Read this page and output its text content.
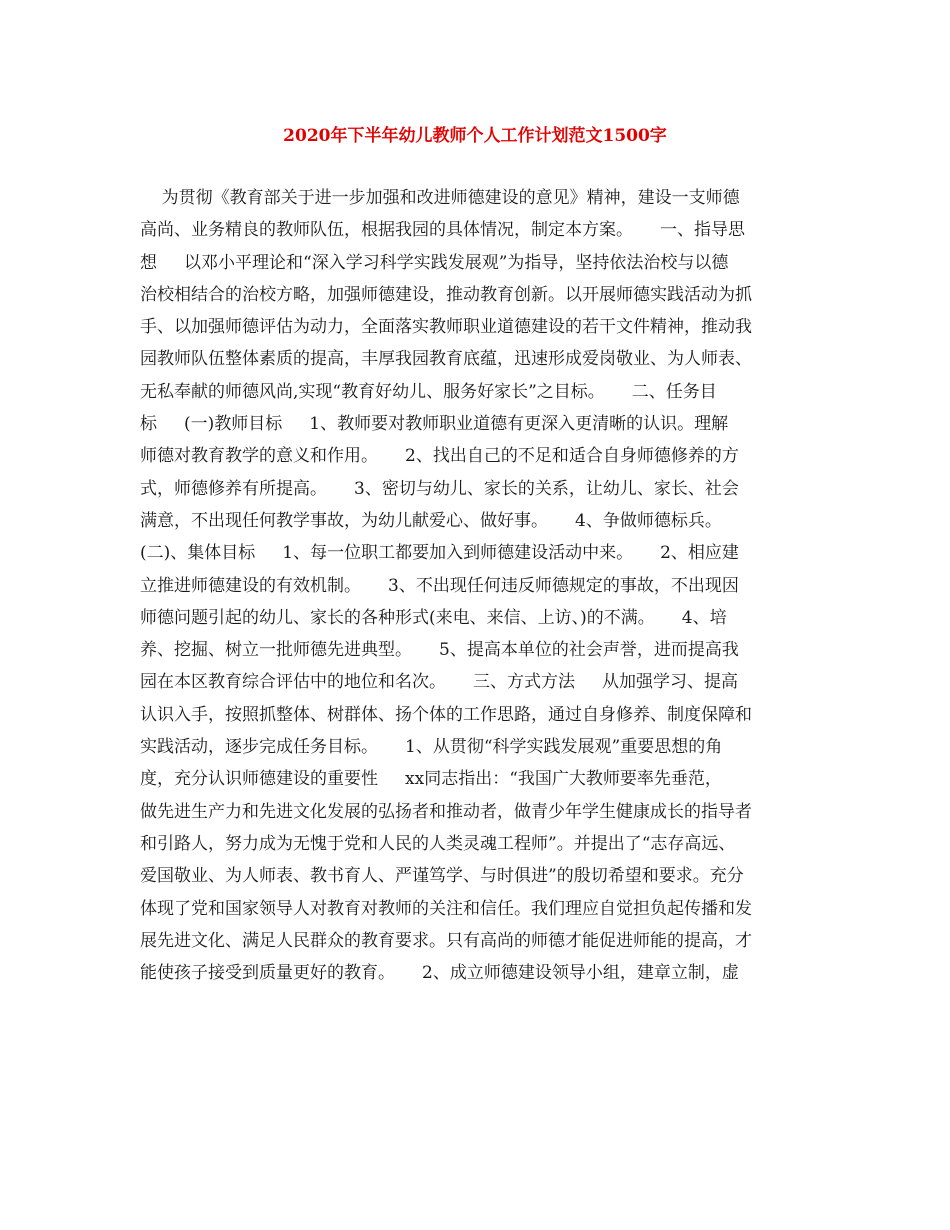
2020年下半年幼儿教师个人工作计划范文1500字
为贯彻《教育部关于进一步加强和改进师德建设的意见》精神，建设一支师德
高尚、业务精良的教师队伍，根据我园的具体情况，制定本方案。     一、指导思
想     以邓小平理论和“深入学习科学实践发展观”为指导，坚持依法治校与以德
治校相结合的治校方略，加强师德建设，推动教育创新。以开展师德实践活动为抓
手、以加强师德评估为动力，全面落实教师职业道德建设的若干文件精神，推动我
园教师队伍整体素质的提高，丰厚我园教育底蕴，迅速形成爱岗敬业、为人师表、
无私奉献的师德风尚,实现“教育好幼儿、服务好家长”之目标。     二、任务目
标     (一)教师目标     1、教师要对教师职业道德有更深入更清晰的认识。理解
师德对教育教学的意义和作用。     2、找出自己的不足和适合自身师德修养的方
式，师德修养有所提高。     3、密切与幼儿、家长的关系，让幼儿、家长、社会
满意，不出现任何教学事故，为幼儿献爱心、做好事。     4、争做师德标兵。
(二)、集体目标     1、每一位职工都要加入到师德建设活动中来。     2、相应建
立推进师德建设的有效机制。     3、不出现任何违反师德规定的事故，不出现因
师德问题引起的幼儿、家长的各种形式(来电、来信、上访、)的不满。     4、培
养、挖掘、树立一批师德先进典型。     5、提高本单位的社会声誉，进而提高我
园在本区教育综合评估中的地位和名次。     三、方式方法     从加强学习、提高
认识入手，按照抓整体、树群体、扬个体的工作思路，通过自身修养、制度保障和
实践活动，逐步完成任务目标。     1、从贯彻“科学实践发展观”重要思想的角
度，充分认识师德建设的重要性     xx同志指出：“我国广大教师要率先垂范，
做先进生产力和先进文化发展的弘扬者和推动者，做青少年学生健康成长的指导者
和引路人，努力成为无愧于党和人民的人类灵魂工程师”。并提出了“志存高远、
爱国敬业、为人师表、教书育人、严谨笃学、与时俱进”的殷切希望和要求。充分
体现了党和国家领导人对教育对教师的关注和信任。我们理应自觉担负起传播和发
展先进文化、满足人民群众的教育要求。只有高尚的师德才能促进师能的提高，才
能使孩子接受到质量更好的教育。     2、成立师德建设领导小组，建章立制，虚
